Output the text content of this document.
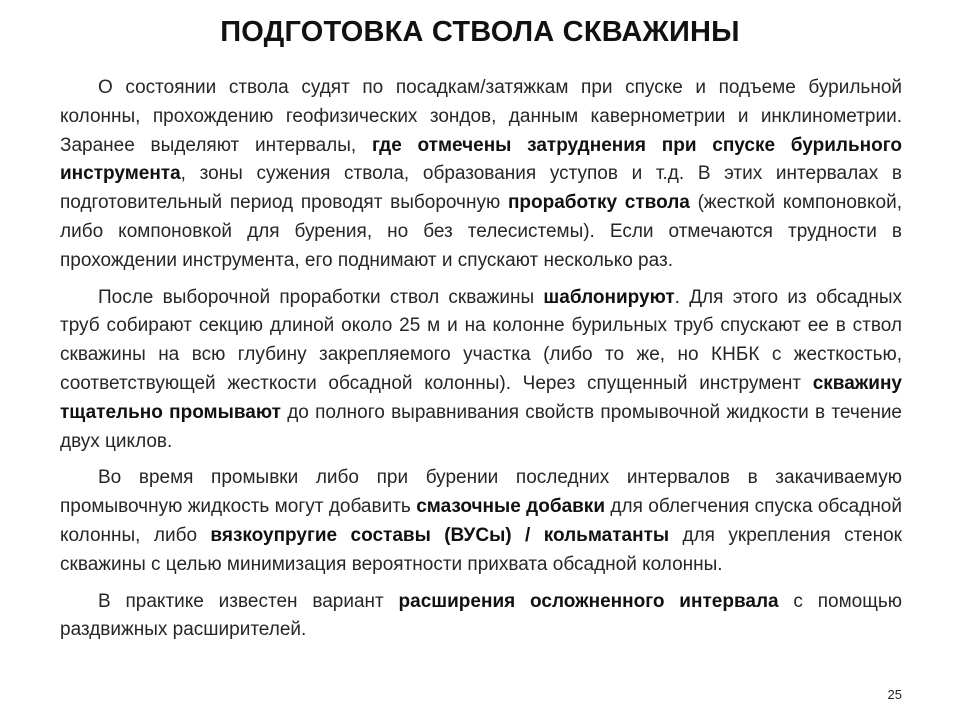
ПОДГОТОВКА СТВОЛА СКВАЖИНЫ

О состоянии ствола судят по посадкам/затяжкам при спуске и подъеме бурильной колонны, прохождению геофизических зондов, данным кавернометрии и инклинометрии. Заранее выделяют интервалы, где отмечены затруднения при спуске бурильного инструмента, зоны сужения ствола, образования уступов и т.д. В этих интервалах в подготовительный период проводят выборочную проработку ствола (жесткой компоновкой, либо компоновкой для бурения, но без телесистемы). Если отмечаются трудности в прохождении инструмента, его поднимают и спускают несколько раз.

После выборочной проработки ствол скважины шаблонируют. Для этого из обсадных труб собирают секцию длиной около 25 м и на колонне бурильных труб спускают ее в ствол скважины на всю глубину закрепляемого участка (либо то же, но КНБК с жесткостью, соответствующей жесткости обсадной колонны). Через спущенный инструмент скважину тщательно промывают до полного выравнивания свойств промывочной жидкости в течение двух циклов.

Во время промывки либо при бурении последних интервалов в закачиваемую промывочную жидкость могут добавить смазочные добавки для облегчения спуска обсадной колонны, либо вязкоупругие составы (ВУСы) / кольматанты для укрепления стенок скважины с целью минимизация вероятности прихвата обсадной колонны.

В практике известен вариант расширения осложненного интервала с помощью раздвижных расширителей.

25
